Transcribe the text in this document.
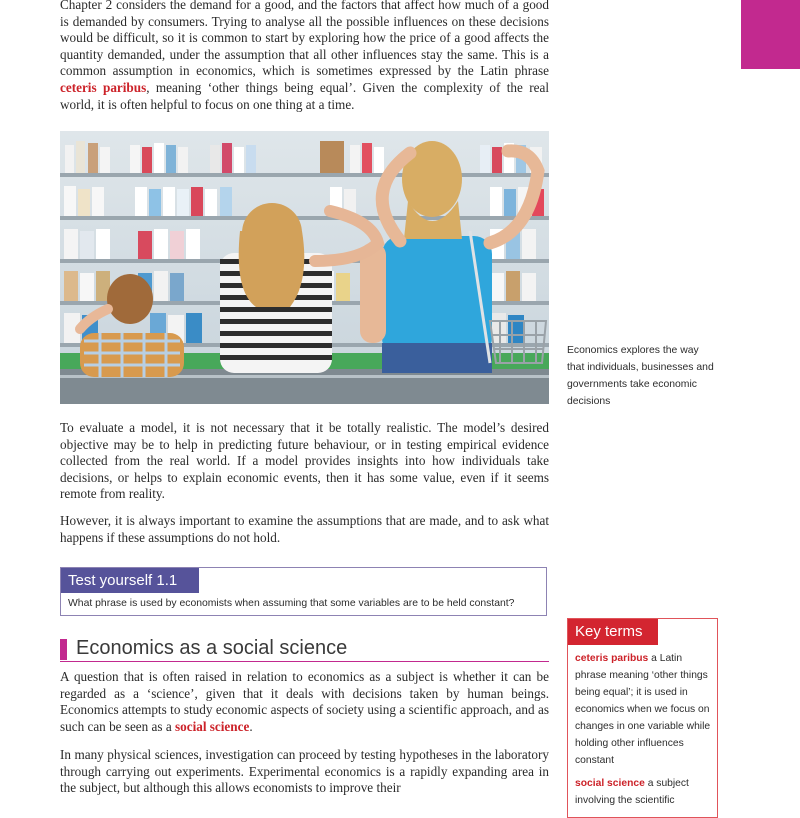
Chapter 2 considers the demand for a good, and the factors that affect how much of a good is demanded by consumers. Trying to analyse all the possible influences on these decisions would be difficult, so it is common to start by exploring how the price of a good affects the quantity demanded, under the assumption that all other influences stay the same. This is a common assumption in economics, which is sometimes expressed by the Latin phrase ceteris paribus, meaning ‘other things being equal’. Given the complexity of the real world, it is often helpful to focus on one thing at a time.

Economics explores the way that individuals, businesses and governments take economic decisions

To evaluate a model, it is not necessary that it be totally realistic. The model’s desired objective may be to help in predicting future behaviour, or in testing empirical evidence collected from the real world. If a model provides insights into how individuals take decisions, or helps to explain economic events, then it has some value, even if it seems remote from reality.

However, it is always important to examine the assumptions that are made, and to ask what happens if these assumptions do not hold.

Test yourself 1.1
What phrase is used by economists when assuming that some variables are to be held constant?
Economics as a social science

A question that is often raised in relation to economics as a subject is whether it can be regarded as a ‘science’, given that it deals with decisions taken by human beings. Economics attempts to study economic aspects of society using a scientific approach, and as such can be seen as a social science.

In many physical sciences, investigation can proceed by testing hypotheses in the laboratory through carrying out experiments. Experimental economics is a rapidly expanding area in the subject, but although this allows economists to improve their

Key terms
ceteris paribus a Latin phrase meaning ‘other things being equal’; it is used in economics when we focus on changes in one variable while holding other influences constant
social science a subject involving the scientific
